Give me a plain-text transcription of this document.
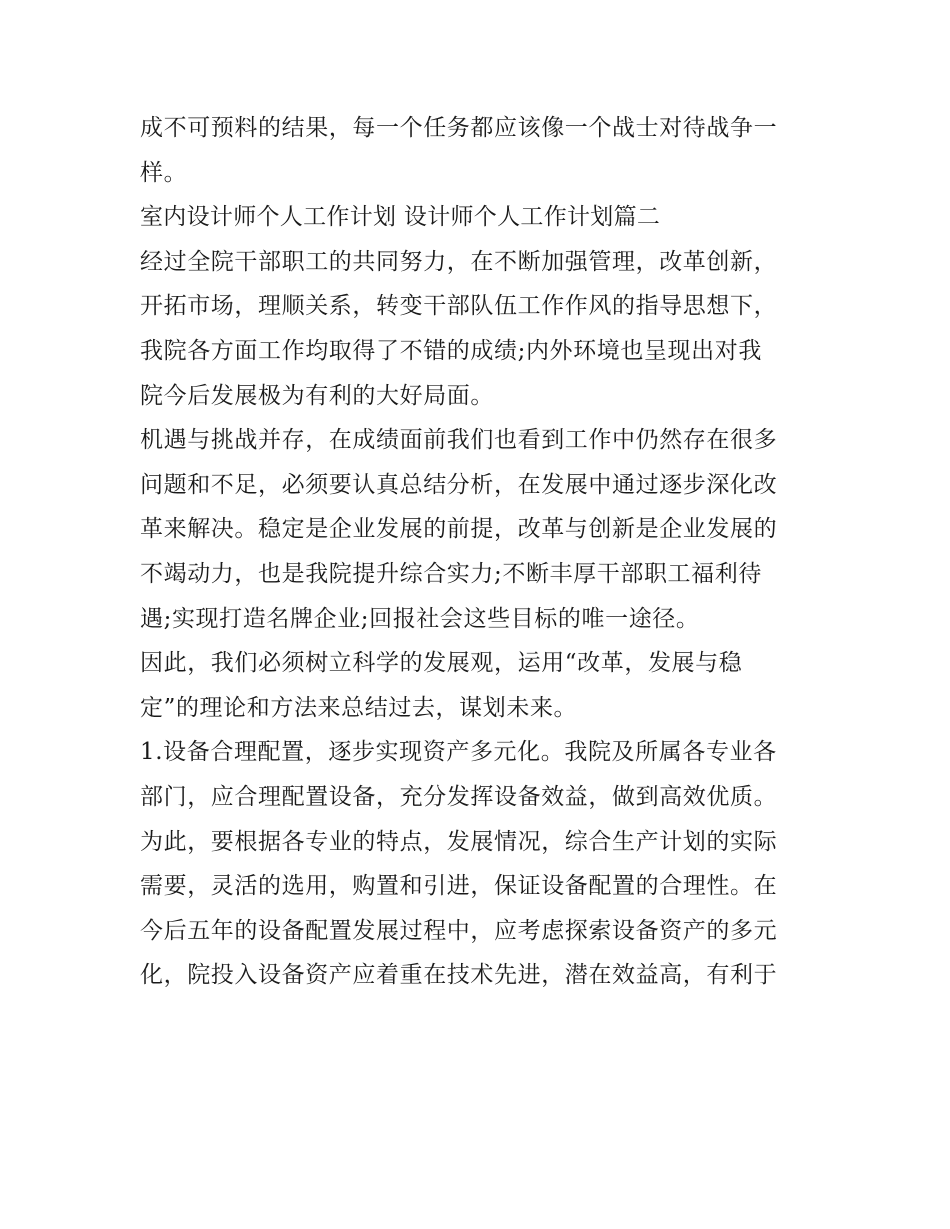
成不可预料的结果，每一个任务都应该像一个战士对待战争一
样。
室内设计师个人工作计划 设计师个人工作计划篇二
经过全院干部职工的共同努力，在不断加强管理，改革创新，
开拓市场，理顺关系，转变干部队伍工作作风的指导思想下，
我院各方面工作均取得了不错的成绩;内外环境也呈现出对我
院今后发展极为有利的大好局面。
机遇与挑战并存，在成绩面前我们也看到工作中仍然存在很多
问题和不足，必须要认真总结分析，在发展中通过逐步深化改
革来解决。稳定是企业发展的前提，改革与创新是企业发展的
不竭动力，也是我院提升综合实力;不断丰厚干部职工福利待
遇;实现打造名牌企业;回报社会这些目标的唯一途径。
因此，我们必须树立科学的发展观，运用“改革，发展与稳
定”的理论和方法来总结过去，谋划未来。
1.设备合理配置，逐步实现资产多元化。我院及所属各专业各
部门，应合理配置设备，充分发挥设备效益，做到高效优质。
为此，要根据各专业的特点，发展情况，综合生产计划的实际
需要，灵活的选用，购置和引进，保证设备配置的合理性。在
今后五年的设备配置发展过程中，应考虑探索设备资产的多元
化，院投入设备资产应着重在技术先进，潜在效益高，有利于
